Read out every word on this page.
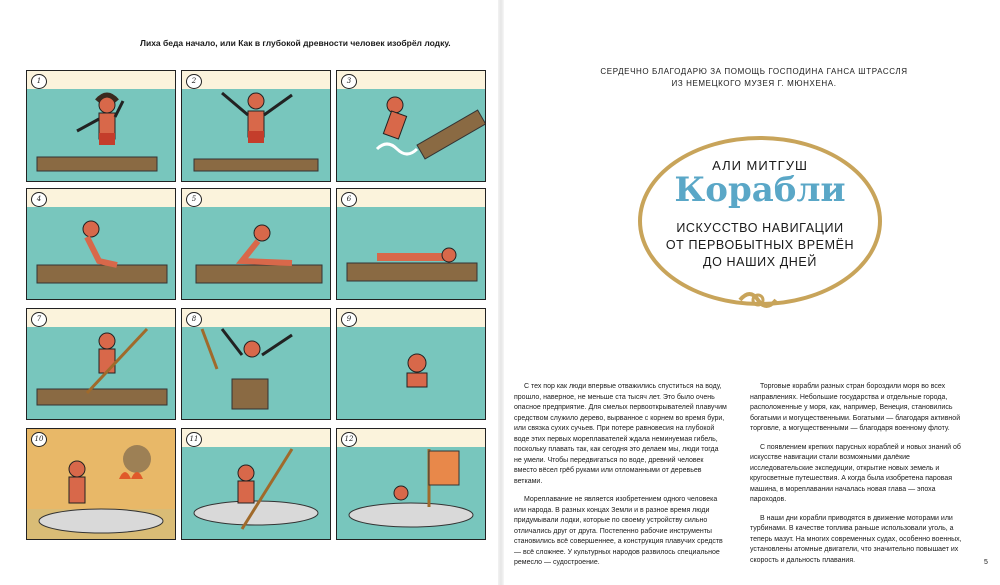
Лиха беда начало, или Как в глубокой древности человек изобрёл лодку.
1	2	3
4	5	6
7	8	9
10	11	12
СЕРДЕЧНО БЛАГОДАРЮ ЗА ПОМОЩЬ ГОСПОДИНА ГАНСА ШТРАССЛЯ
ИЗ НЕМЕЦКОГО МУЗЕЯ Г. МЮНХЕНА.
АЛИ МИТГУШ
Корабли
ИСКУССТВО НАВИГАЦИИ
ОТ ПЕРВОБЫТНЫХ ВРЕМЁН
ДО НАШИХ ДНЕЙ

С тех пор как люди впервые отважились спуститься на воду, прошло, наверное, не меньше ста тысяч лет. Это было очень опасное предприятие. Для смелых первооткрывателей плавучим средством служило дерево, вырванное с корнем во время бури, или связка сухих сучьев. При потере равновесия на глубокой воде этих первых мореплавателей ждала неминуемая гибель, поскольку плавать так, как сегодня это делаем мы, люди тогда не умели. Чтобы передвигаться по воде, древний человек вместо вёсел грёб руками или отломанными от деревьев ветками.

Мореплавание не является изобретением одного человека или народа. В разных концах Земли и в разное время люди придумывали лодки, которые по своему устройству сильно отличались друг от друга. Постепенно рабочие инструменты становились всё совершеннее, а конструкция плавучих средств — всё сложнее. У культурных народов развилось специальное ремесло — судостроение.

Торговые корабли разных стран бороздили моря во всех направлениях. Небольшие государства и отдельные города, расположенные у моря, как, например, Венеция, становились богатыми и могущественными. Богатыми — благодаря активной торговле, а могущественными — благодаря военному флоту.

С появлением крепких парусных кораблей и новых знаний об искусстве навигации стали возможными далёкие исследовательские экспедиции, открытие новых земель и кругосветные путешествия. А когда была изобретена паровая машина, в мореплавании началась новая глава — эпоха пароходов.

В наши дни корабли приводятся в движение моторами или турбинами. В качестве топлива раньше использовали уголь, а теперь мазут. На многих современных судах, особенно военных, установлены атомные двигатели, что значительно повышает их скорость и дальность плавания.	5
